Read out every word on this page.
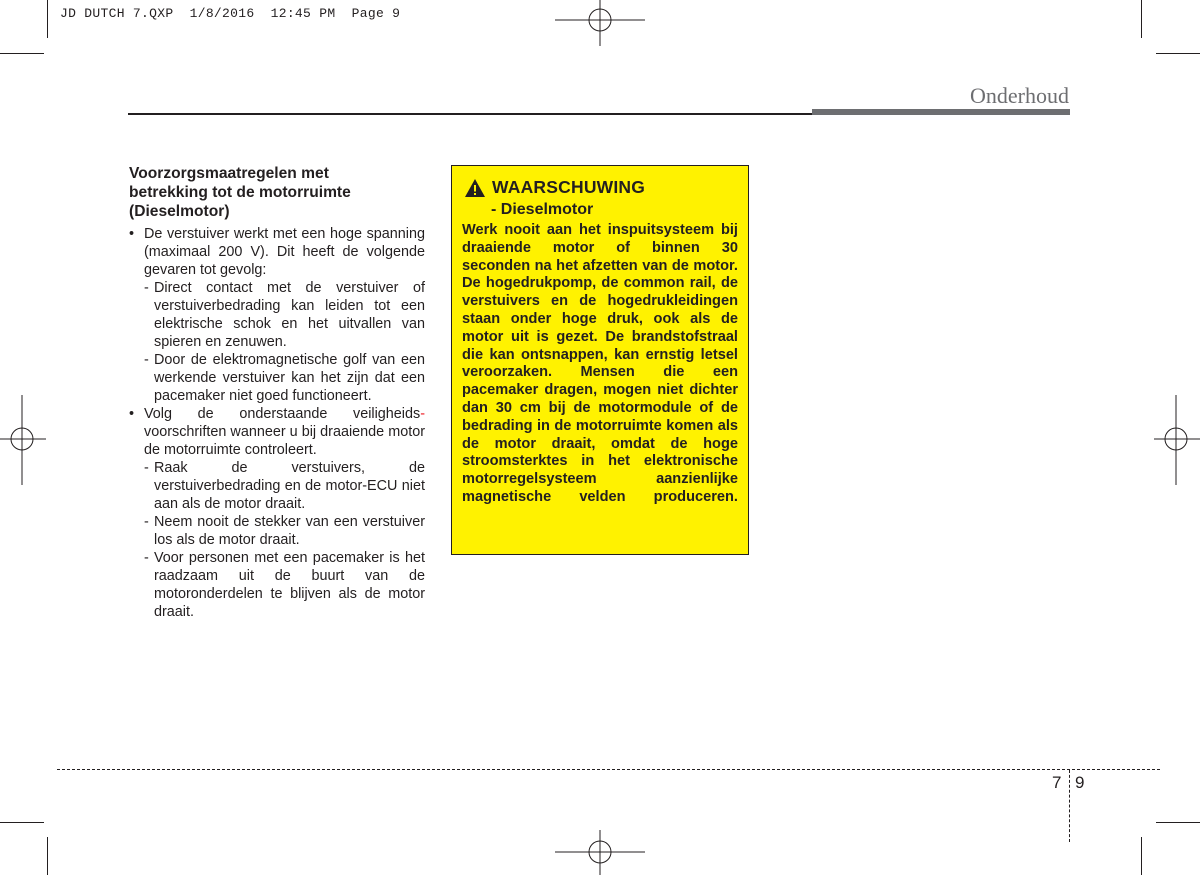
JD DUTCH 7.QXP  1/8/2016  12:45 PM  Page 9
Onderhoud
Voorzorgsmaatregelen met
betrekking tot de motorruimte
(Dieselmotor)
• De verstuiver werkt met een hoge spanning (maximaal 200 V). Dit heeft de volgende gevaren tot gevolg:
- Direct contact met de verstuiver of verstuiverbedrading kan leiden tot een elektrische schok en het uitvallen van spieren en zenuwen.
- Door de elektromagnetische golf van een werkende verstuiver kan het zijn dat een pacemaker niet goed functioneert.
• Volg de onderstaande veiligheids- voorschriften wanneer u bij draaiende motor de motorruimte controleert.
- Raak de verstuivers, de verstuiverbedrading en de motor-ECU niet aan als de motor draait.
- Neem nooit de stekker van een verstuiver los als de motor draait.
- Voor personen met een pacemaker is het raadzaam uit de buurt van de motoronderdelen te blijven als de motor draait.
WAARSCHUWING
- Dieselmotor
Werk nooit aan het inspuitsysteem bij draaiende motor of binnen 30 seconden na het afzetten van de motor. De hogedrukpomp, de common rail, de verstuivers en de hogedrukleidingen staan onder hoge druk, ook als de motor uit is gezet. De brandstofstraal die kan ontsnappen, kan ernstig letsel veroorzaken. Mensen die een pacemaker dragen, mogen niet dichter dan 30 cm bij de motormodule of de bedrading in de motorruimte komen als de motor draait, omdat de hoge stroomsterktes in het elektronische motorregelsysteem aanzienlijke magnetische velden produceren.
7 9
